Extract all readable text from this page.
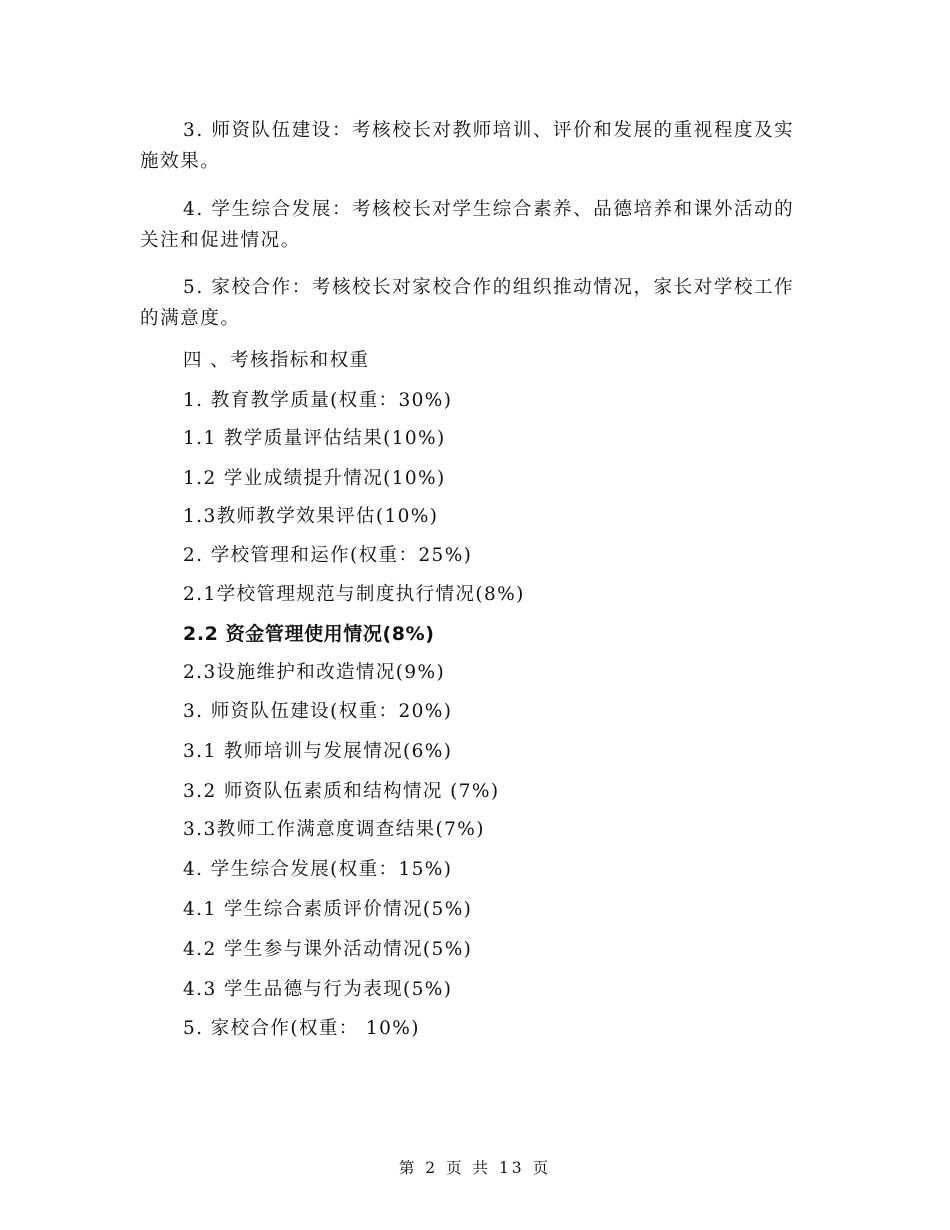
3. 师资队伍建设：考核校长对教师培训、评价和发展的重视程度及实施效果。

4. 学生综合发展：考核校长对学生综合素养、品德培养和课外活动的关注和促进情况。

5. 家校合作：考核校长对家校合作的组织推动情况，家长对学校工作的满意度。

四 、考核指标和权重

1. 教育教学质量(权重：30%)

1.1 教学质量评估结果(10%)

1.2 学业成绩提升情况(10%)

1.3教师教学效果评估(10%)

2. 学校管理和运作(权重：25%)

2.1学校管理规范与制度执行情况(8%)

2.2 资金管理使用情况(8%)

2.3设施维护和改造情况(9%)

3. 师资队伍建设(权重：20%)

3.1 教师培训与发展情况(6%)

3.2 师资队伍素质和结构情况 (7%)

3.3教师工作满意度调查结果(7%)

4. 学生综合发展(权重：15%)

4.1 学生综合素质评价情况(5%)

4.2 学生参与课外活动情况(5%)

4.3 学生品德与行为表现(5%)

5. 家校合作(权重： 10%)

第 2 页 共 13 页
